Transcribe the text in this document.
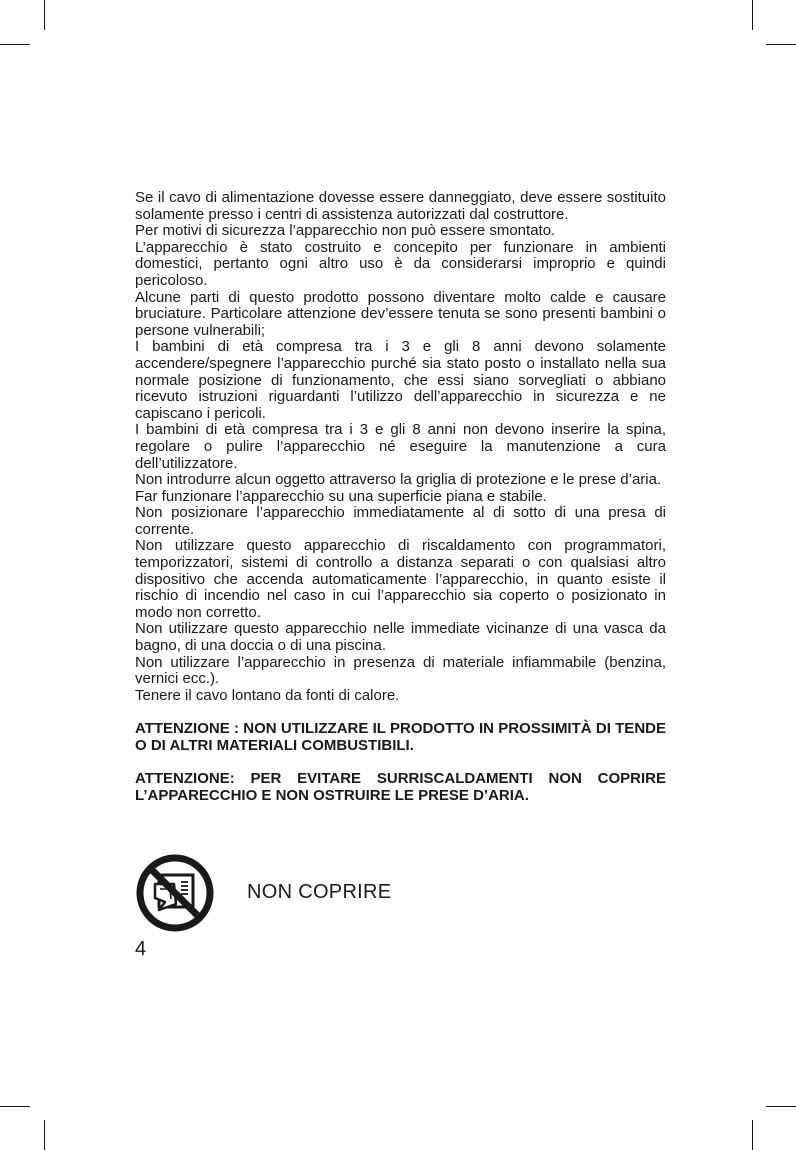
Se il cavo di alimentazione dovesse essere danneggiato, deve essere sostituito solamente presso i centri di assistenza autorizzati dal costruttore.

Per motivi di sicurezza l’apparecchio non può essere smontato.

L’apparecchio è stato costruito e concepito per funzionare in ambienti domestici, pertanto ogni altro uso è da considerarsi improprio e quindi pericoloso.

Alcune parti di questo prodotto possono diventare molto calde e causare bruciature. Particolare attenzione dev’essere tenuta se sono presenti bambini o persone vulnerabili;

I bambini di età compresa tra i 3 e gli 8 anni devono solamente accendere/spegnere l’apparecchio purché sia stato posto o installato nella sua normale posizione di funzionamento, che essi siano sorvegliati o abbiano ricevuto istruzioni riguardanti l’utilizzo dell’apparecchio in sicurezza e ne capiscano i pericoli.

I bambini di età compresa tra i 3 e gli 8 anni non devono inserire la spina, regolare o pulire l’apparecchio né eseguire la manutenzione a cura dell’utilizzatore.

Non introdurre alcun oggetto attraverso la griglia di protezione e le prese d’aria.

Far funzionare l’apparecchio su una superficie piana e stabile.

Non posizionare l’apparecchio immediatamente al di sotto di una presa di corrente.

Non utilizzare questo apparecchio di riscaldamento con programmatori, temporizzatori, sistemi di controllo a distanza separati o con qualsiasi altro dispositivo che accenda automaticamente l’apparecchio, in quanto esiste il rischio di incendio nel caso in cui l’apparecchio sia coperto o posizionato in modo non corretto.

Non utilizzare questo apparecchio nelle immediate vicinanze di una vasca da bagno, di una doccia o di una piscina.

Non utilizzare l’apparecchio in presenza di materiale infiammabile (benzina, vernici ecc.).

Tenere il cavo lontano da fonti di calore.

ATTENZIONE : NON UTILIZZARE IL PRODOTTO IN PROSSIMITÀ DI TENDE O DI ALTRI MATERIALI COMBUSTIBILI.

ATTENZIONE: PER EVITARE SURRISCALDAMENTI NON COPRIRE L’APPARECCHIO E NON OSTRUIRE LE PRESE D’ARIA.

NON COPRIRE
4
